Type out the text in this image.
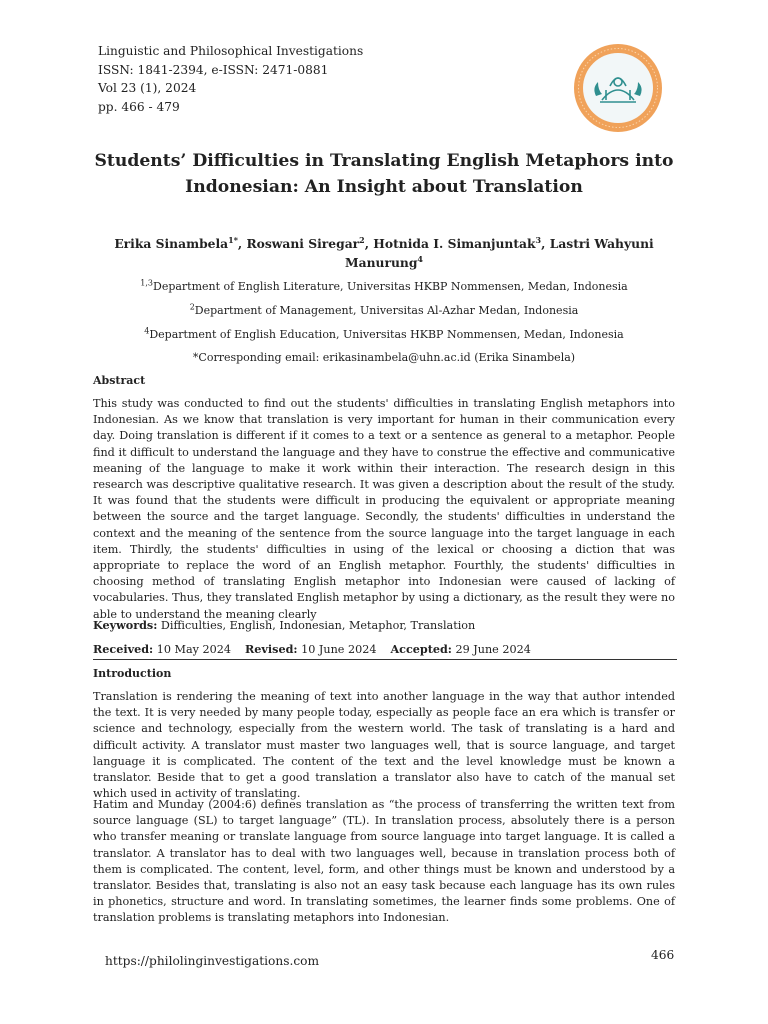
Linguistic and Philosophical Investigations
ISSN: 1841-2394, e-ISSN: 2471-0881
Vol 23 (1), 2024
pp. 466 - 479
Students’ Difficulties in Translating English Metaphors into Indonesian: An Insight about Translation
Erika Sinambela$^{1*}$, Roswani Siregar$^2$, Hotnida I. Simanjuntak$^3$, Lastri Wahyuni Manurung$^4$
$^{1,3}$Department of English Literature, Universitas HKBP Nommensen, Medan, Indonesia
$^2$Department of Management, Universitas Al-Azhar Medan, Indonesia
$^4$Department of English Education, Universitas HKBP Nommensen, Medan, Indonesia
*Corresponding email: erikasinambela@uhn.ac.id (Erika Sinambela)
Abstract
This study was conducted to find out the students' difficulties in translating English metaphors into Indonesian. As we know that translation is very important for human in their communication every day. Doing translation is different if it comes to a text or a sentence as general to a metaphor. People find it difficult to understand the language and they have to construe the effective and communicative meaning of the language to make it work within their interaction. The research design in this research was descriptive qualitative research. It was given a description about the result of the study. It was found that the students were difficult in producing the equivalent or appropriate meaning between the source and the target language. Secondly, the students' difficulties in understand the context and the meaning of the sentence from the source language into the target language in each item. Thirdly, the students' difficulties in using of the lexical or choosing a diction that was appropriate to replace the word of an English metaphor. Fourthly, the students' difficulties in choosing method of translating English metaphor into Indonesian were caused of lacking of vocabularies. Thus, they translated English metaphor by using a dictionary, as the result they were no able to understand the meaning clearly
Keywords: Difficulties, English, Indonesian, Metaphor, Translation
Received: 10 May 2024 Revised: 10 June 2024 Accepted: 29 June 2024
Introduction
Translation is rendering the meaning of text into another language in the way that author intended the text. It is very needed by many people today, especially as people face an era which is transfer or science and technology, especially from the western world. The task of translating is a hard and difficult activity. A translator must master two languages well, that is source language, and target language it is complicated. The content of the text and the level knowledge must be known a translator. Beside that to get a good translation a translator also have to catch of the manual set which used in activity of translating.
Hatim and Munday (2004:6) defines translation as “the process of transferring the written text from source language (SL) to target language” (TL). In translation process, absolutely there is a person who transfer meaning or translate language from source language into target language. It is called a translator. A translator has to deal with two languages well, because in translation process both of them is complicated. The content, level, form, and other things must be known and understood by a translator. Besides that, translating is also not an easy task because each language has its own rules in phonetics, structure and word. In translating sometimes, the learner finds some problems. One of translation problems is translating metaphors into Indonesian.
https://philolinginvestigations.com	466
